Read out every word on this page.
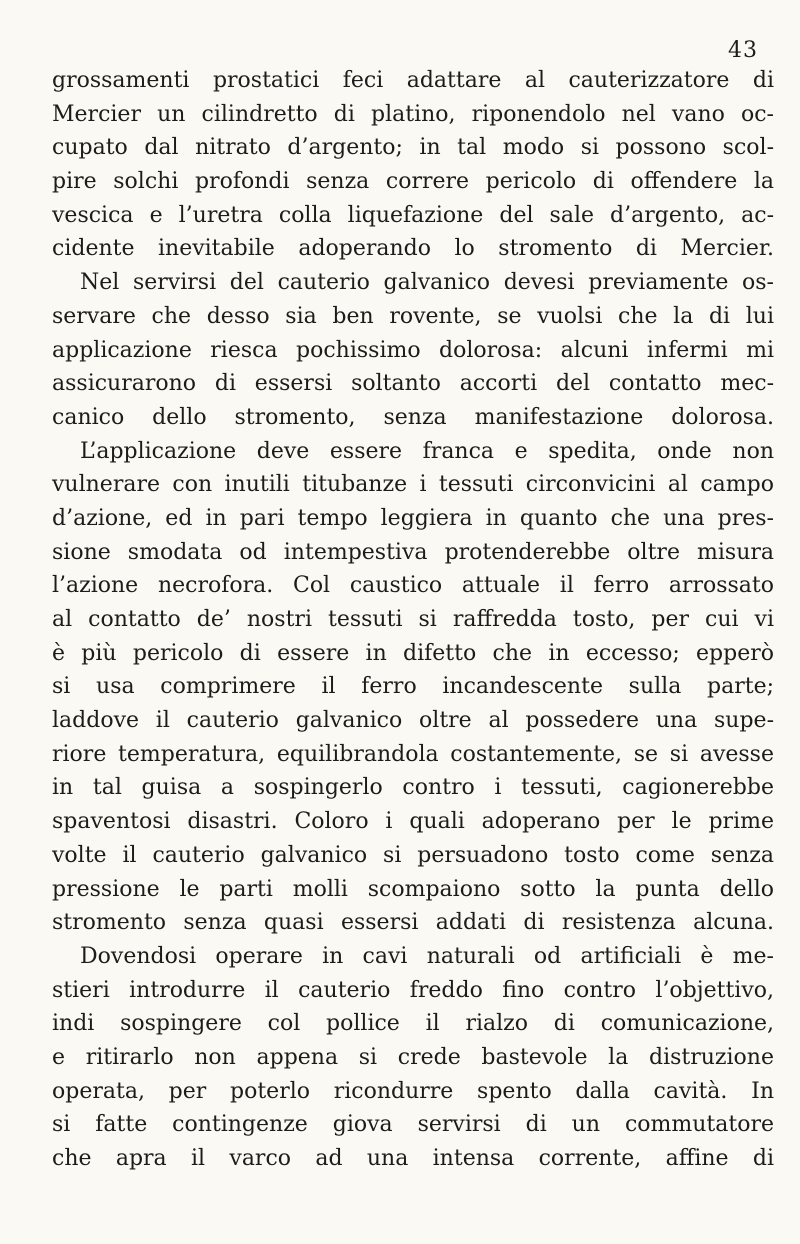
43
grossamenti prostatici feci adattare al cauterizzatore di
Mercier un cilindretto di platino, riponendolo nel vano oc-
cupato dal nitrato d’argento; in tal modo si possono scol-
pire solchi profondi senza correre pericolo di offendere la
vescica e l’uretra colla liquefazione del sale d’argento, ac-
cidente inevitabile adoperando lo stromento di Mercier.
Nel servirsi del cauterio galvanico devesi previamente os-
servare che desso sia ben rovente, se vuolsi che la di lui
applicazione riesca pochissimo dolorosa: alcuni infermi mi
assicurarono di essersi soltanto accorti del contatto mec-
canico dello stromento, senza manifestazione dolorosa.
L’applicazione deve essere franca e spedita, onde non
vulnerare con inutili titubanze i tessuti circonvicini al campo
d’azione, ed in pari tempo leggiera in quanto che una pres-
sione smodata od intempestiva protenderebbe oltre misura
l’azione necrofora. Col caustico attuale il ferro arrossato
al contatto de’ nostri tessuti si raffredda tosto, per cui vi
è più pericolo di essere in difetto che in eccesso; epperò
si usa comprimere il ferro incandescente sulla parte;
laddove il cauterio galvanico oltre al possedere una supe-
riore temperatura, equilibrandola costantemente, se si avesse
in tal guisa a sospingerlo contro i tessuti, cagionerebbe
spaventosi disastri. Coloro i quali adoperano per le prime
volte il cauterio galvanico si persuadono tosto come senza
pressione le parti molli scompaiono sotto la punta dello
stromento senza quasi essersi addati di resistenza alcuna.
Dovendosi operare in cavi naturali od artificiali è me-
stieri introdurre il cauterio freddo fino contro l’objettivo,
indi sospingere col pollice il rialzo di comunicazione,
e ritirarlo non appena si crede bastevole la distruzione
operata, per poterlo ricondurre spento dalla cavità. In
si fatte contingenze giova servirsi di un commutatore
che apra il varco ad una intensa corrente, affine di
